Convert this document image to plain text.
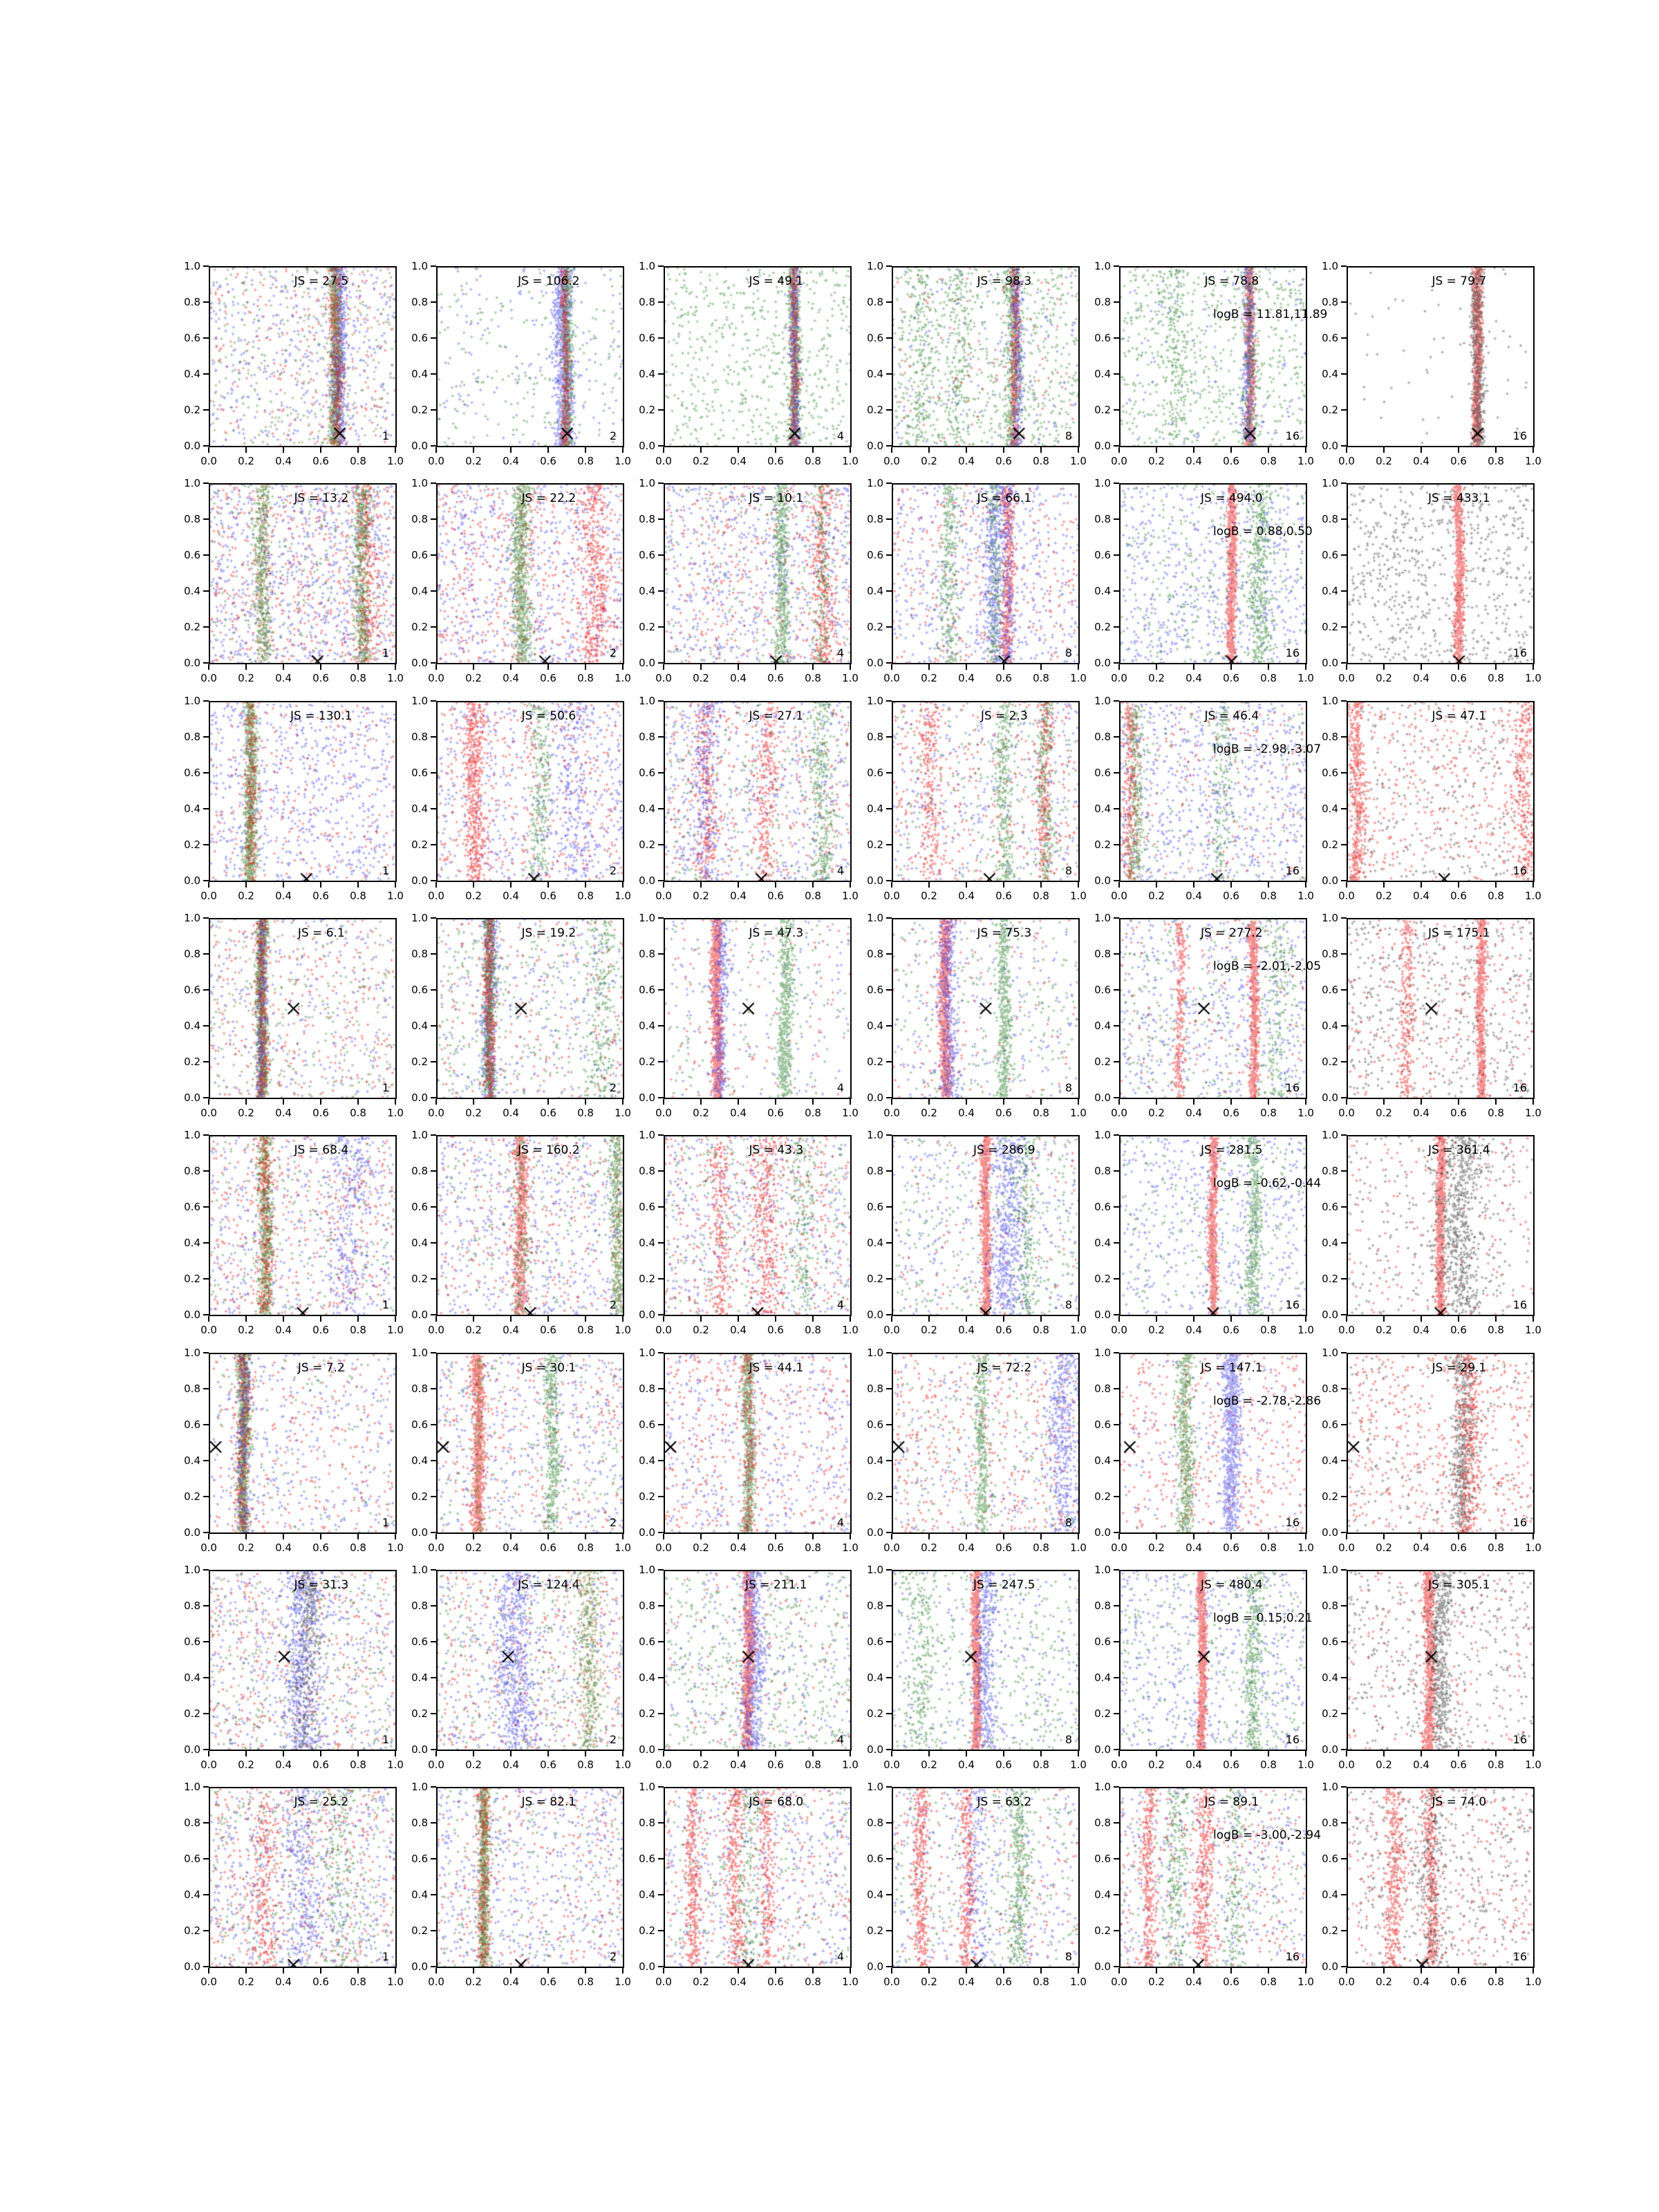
JS = 27.5
1
0.0 0.2 0.4 0.6 0.8 1.0
0.0
0.2
0.4
0.6
0.8
1.0
JS = 106.2
2
0.0 0.2 0.4 0.6 0.8 1.0
0.0
0.2
0.4
0.6
0.8
1.0
JS = 49.1
4
0.0 0.2 0.4 0.6 0.8 1.0
0.0
0.2
0.4
0.6
0.8
1.0
JS = 98.3
8
0.0 0.2 0.4 0.6 0.8 1.0
0.0
0.2
0.4
0.6
0.8
1.0
JS = 78.8
logB = 11.81,11.89
16
0.0 0.2 0.4 0.6 0.8 1.0
0.0
0.2
0.4
0.6
0.8
1.0
JS = 79.7
16
0.0 0.2 0.4 0.6 0.8 1.0
0.0
0.2
0.4
0.6
0.8
1.0
JS = 13.2
1
0.0 0.2 0.4 0.6 0.8 1.0
0.0
0.2
0.4
0.6
0.8
1.0
JS = 22.2
2
0.0 0.2 0.4 0.6 0.8 1.0
0.0
0.2
0.4
0.6
0.8
1.0
JS = 10.1
4
0.0 0.2 0.4 0.6 0.8 1.0
0.0
0.2
0.4
0.6
0.8
1.0
JS = 66.1
8
0.0 0.2 0.4 0.6 0.8 1.0
0.0
0.2
0.4
0.6
0.8
1.0
JS = 494.0
logB = 0.88,0.50
16
0.0 0.2 0.4 0.6 0.8 1.0
0.0
0.2
0.4
0.6
0.8
1.0
JS = 433.1
16
0.0 0.2 0.4 0.6 0.8 1.0
0.0
0.2
0.4
0.6
0.8
1.0
JS = 130.1
1
0.0 0.2 0.4 0.6 0.8 1.0
0.0
0.2
0.4
0.6
0.8
1.0
JS = 50.6
2
0.0 0.2 0.4 0.6 0.8 1.0
0.0
0.2
0.4
0.6
0.8
1.0
JS = 27.1
4
0.0 0.2 0.4 0.6 0.8 1.0
0.0
0.2
0.4
0.6
0.8
1.0
JS = 2.3
8
0.0 0.2 0.4 0.6 0.8 1.0
0.0
0.2
0.4
0.6
0.8
1.0
JS = 46.4
logB = -2.98,-3.07
16
0.0 0.2 0.4 0.6 0.8 1.0
0.0
0.2
0.4
0.6
0.8
1.0
JS = 47.1
16
0.0 0.2 0.4 0.6 0.8 1.0
0.0
0.2
0.4
0.6
0.8
1.0
JS = 6.1
1
0.0 0.2 0.4 0.6 0.8 1.0
0.0
0.2
0.4
0.6
0.8
1.0
JS = 19.2
2
0.0 0.2 0.4 0.6 0.8 1.0
0.0
0.2
0.4
0.6
0.8
1.0
JS = 47.3
4
0.0 0.2 0.4 0.6 0.8 1.0
0.0
0.2
0.4
0.6
0.8
1.0
JS = 75.3
8
0.0 0.2 0.4 0.6 0.8 1.0
0.0
0.2
0.4
0.6
0.8
1.0
JS = 277.2
logB = -2.01,-2.05
16
0.0 0.2 0.4 0.6 0.8 1.0
0.0
0.2
0.4
0.6
0.8
1.0
JS = 175.1
16
0.0 0.2 0.4 0.6 0.8 1.0
0.0
0.2
0.4
0.6
0.8
1.0
JS = 68.4
1
0.0 0.2 0.4 0.6 0.8 1.0
0.0
0.2
0.4
0.6
0.8
1.0
JS = 160.2
2
0.0 0.2 0.4 0.6 0.8 1.0
0.0
0.2
0.4
0.6
0.8
1.0
JS = 43.3
4
0.0 0.2 0.4 0.6 0.8 1.0
0.0
0.2
0.4
0.6
0.8
1.0
JS = 286.9
8
0.0 0.2 0.4 0.6 0.8 1.0
0.0
0.2
0.4
0.6
0.8
1.0
JS = 281.5
logB = -0.62,-0.44
16
0.0 0.2 0.4 0.6 0.8 1.0
0.0
0.2
0.4
0.6
0.8
1.0
JS = 361.4
16
0.0 0.2 0.4 0.6 0.8 1.0
0.0
0.2
0.4
0.6
0.8
1.0
JS = 7.2
1
0.0 0.2 0.4 0.6 0.8 1.0
0.0
0.2
0.4
0.6
0.8
1.0
JS = 30.1
2
0.0 0.2 0.4 0.6 0.8 1.0
0.0
0.2
0.4
0.6
0.8
1.0
JS = 44.1
4
0.0 0.2 0.4 0.6 0.8 1.0
0.0
0.2
0.4
0.6
0.8
1.0
JS = 72.2
8
0.0 0.2 0.4 0.6 0.8 1.0
0.0
0.2
0.4
0.6
0.8
1.0
JS = 147.1
logB = -2.78,-2.86
16
0.0 0.2 0.4 0.6 0.8 1.0
0.0
0.2
0.4
0.6
0.8
1.0
JS = 29.1
16
0.0 0.2 0.4 0.6 0.8 1.0
0.0
0.2
0.4
0.6
0.8
1.0
JS = 31.3
1
0.0 0.2 0.4 0.6 0.8 1.0
0.0
0.2
0.4
0.6
0.8
1.0
JS = 124.4
2
0.0 0.2 0.4 0.6 0.8 1.0
0.0
0.2
0.4
0.6
0.8
1.0
JS = 211.1
4
0.0 0.2 0.4 0.6 0.8 1.0
0.0
0.2
0.4
0.6
0.8
1.0
JS = 247.5
8
0.0 0.2 0.4 0.6 0.8 1.0
0.0
0.2
0.4
0.6
0.8
1.0
JS = 480.4
logB = 0.15,0.21
16
0.0 0.2 0.4 0.6 0.8 1.0
0.0
0.2
0.4
0.6
0.8
1.0
JS = 305.1
16
0.0 0.2 0.4 0.6 0.8 1.0
0.0
0.2
0.4
0.6
0.8
1.0
JS = 25.2
1
0.0 0.2 0.4 0.6 0.8 1.0
0.0
0.2
0.4
0.6
0.8
1.0
JS = 82.1
2
0.0 0.2 0.4 0.6 0.8 1.0
0.0
0.2
0.4
0.6
0.8
1.0
JS = 68.0
4
0.0 0.2 0.4 0.6 0.8 1.0
0.0
0.2
0.4
0.6
0.8
1.0
JS = 63.2
8
0.0 0.2 0.4 0.6 0.8 1.0
0.0
0.2
0.4
0.6
0.8
1.0
JS = 89.1
logB = -3.00,-2.94
16
0.0 0.2 0.4 0.6 0.8 1.0
0.0
0.2
0.4
0.6
0.8
1.0
JS = 74.0
16
0.0 0.2 0.4 0.6 0.8 1.0
0.0
0.2
0.4
0.6
0.8
1.0
